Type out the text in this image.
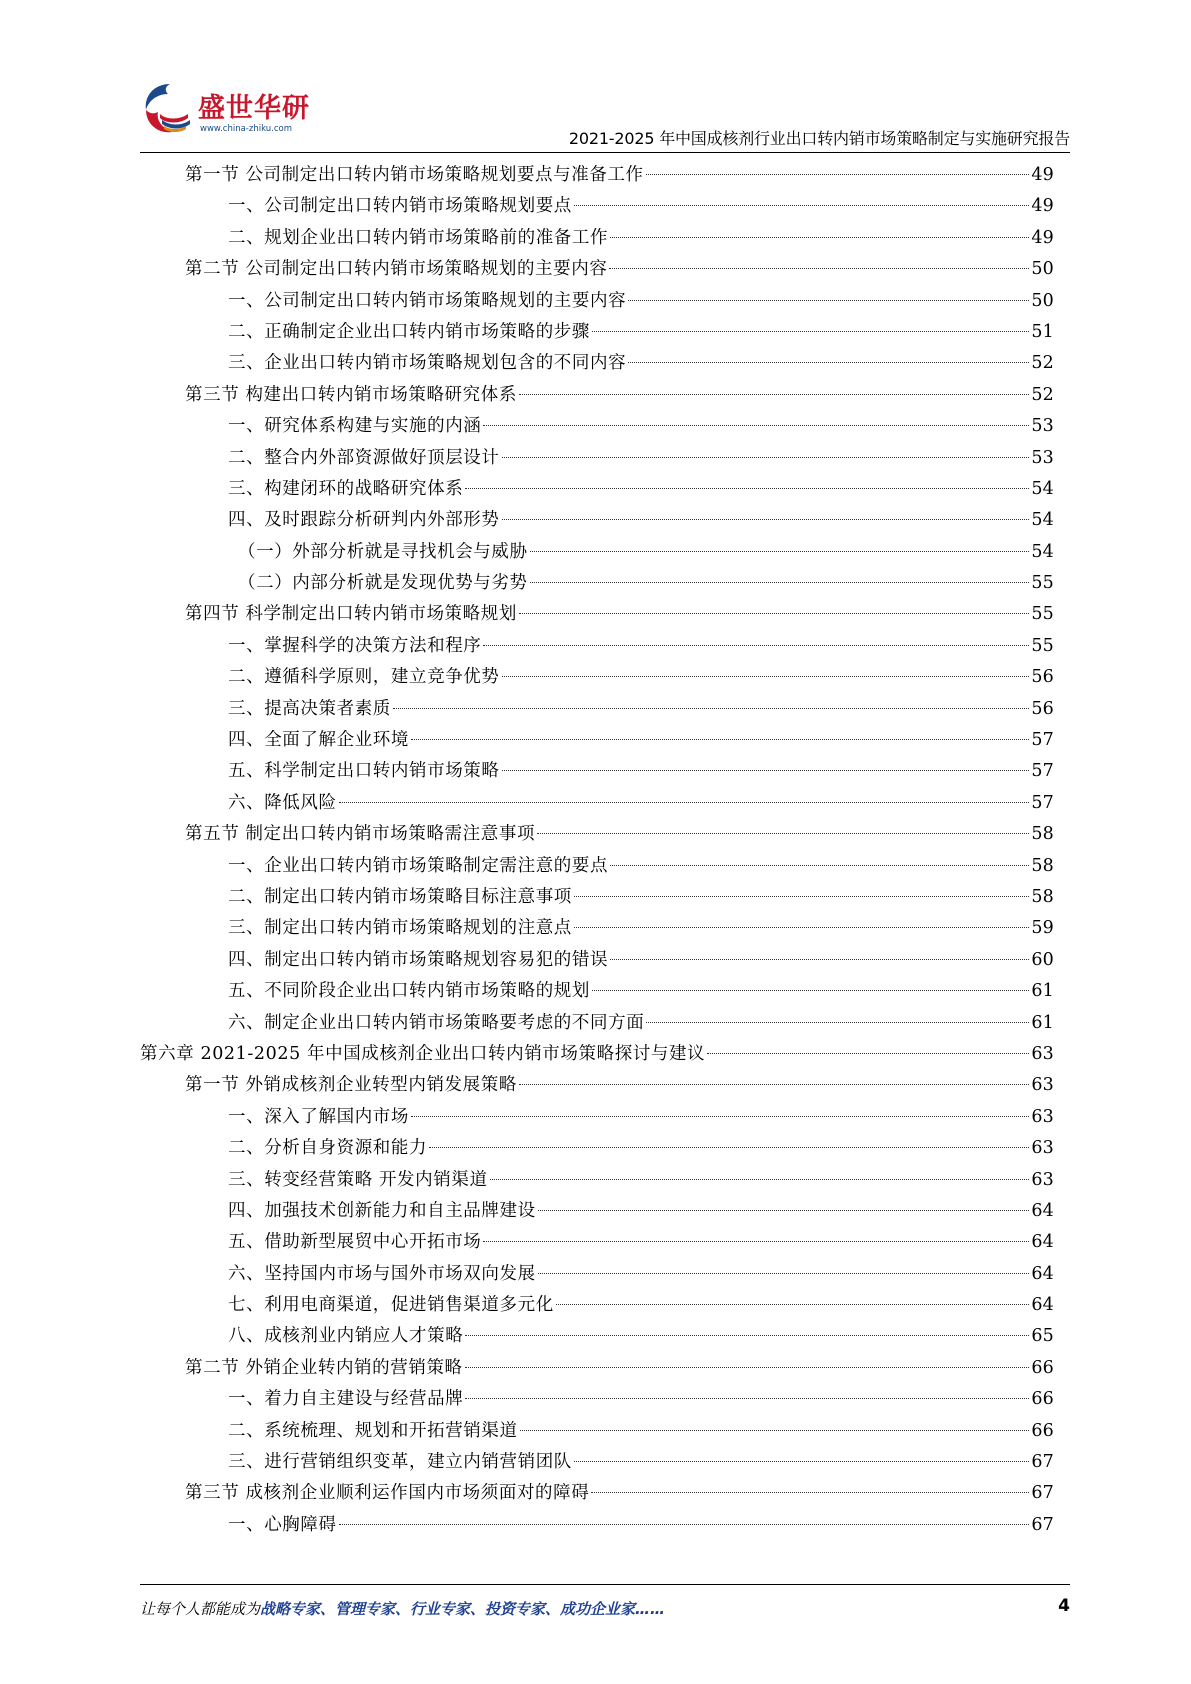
盛世华研
www.china-zhiku.com	2021-2025 年中国成核剂行业出口转内销市场策略制定与实施研究报告
第一节 公司制定出口转内销市场策略规划要点与准备工作	49
一、公司制定出口转内销市场策略规划要点	49
二、规划企业出口转内销市场策略前的准备工作	49
第二节 公司制定出口转内销市场策略规划的主要内容	50
一、公司制定出口转内销市场策略规划的主要内容	50
二、正确制定企业出口转内销市场策略的步骤	51
三、企业出口转内销市场策略规划包含的不同内容	52
第三节 构建出口转内销市场策略研究体系	52
一、研究体系构建与实施的内涵	53
二、整合内外部资源做好顶层设计	53
三、构建闭环的战略研究体系	54
四、及时跟踪分析研判内外部形势	54
（一）外部分析就是寻找机会与威胁	54
（二）内部分析就是发现优势与劣势	55
第四节 科学制定出口转内销市场策略规划	55
一、掌握科学的决策方法和程序	55
二、遵循科学原则，建立竞争优势	56
三、提高决策者素质	56
四、全面了解企业环境	57
五、科学制定出口转内销市场策略	57
六、降低风险	57
第五节 制定出口转内销市场策略需注意事项	58
一、企业出口转内销市场策略制定需注意的要点	58
二、制定出口转内销市场策略目标注意事项	58
三、制定出口转内销市场策略规划的注意点	59
四、制定出口转内销市场策略规划容易犯的错误	60
五、不同阶段企业出口转内销市场策略的规划	61
六、制定企业出口转内销市场策略要考虑的不同方面	61
第六章 2021-2025 年中国成核剂企业出口转内销市场策略探讨与建议	63
第一节 外销成核剂企业转型内销发展策略	63
一、深入了解国内市场	63
二、分析自身资源和能力	63
三、转变经营策略 开发内销渠道	63
四、加强技术创新能力和自主品牌建设	64
五、借助新型展贸中心开拓市场	64
六、坚持国内市场与国外市场双向发展	64
七、利用电商渠道，促进销售渠道多元化	64
八、成核剂业内销应人才策略	65
第二节 外销企业转内销的营销策略	66
一、着力自主建设与经营品牌	66
二、系统梳理、规划和开拓营销渠道	66
三、进行营销组织变革，建立内销营销团队	67
第三节 成核剂企业顺利运作国内市场须面对的障碍	67
一、心胸障碍	67
让每个人都能成为战略专家、管理专家、行业专家、投资专家、成功企业家……	4
